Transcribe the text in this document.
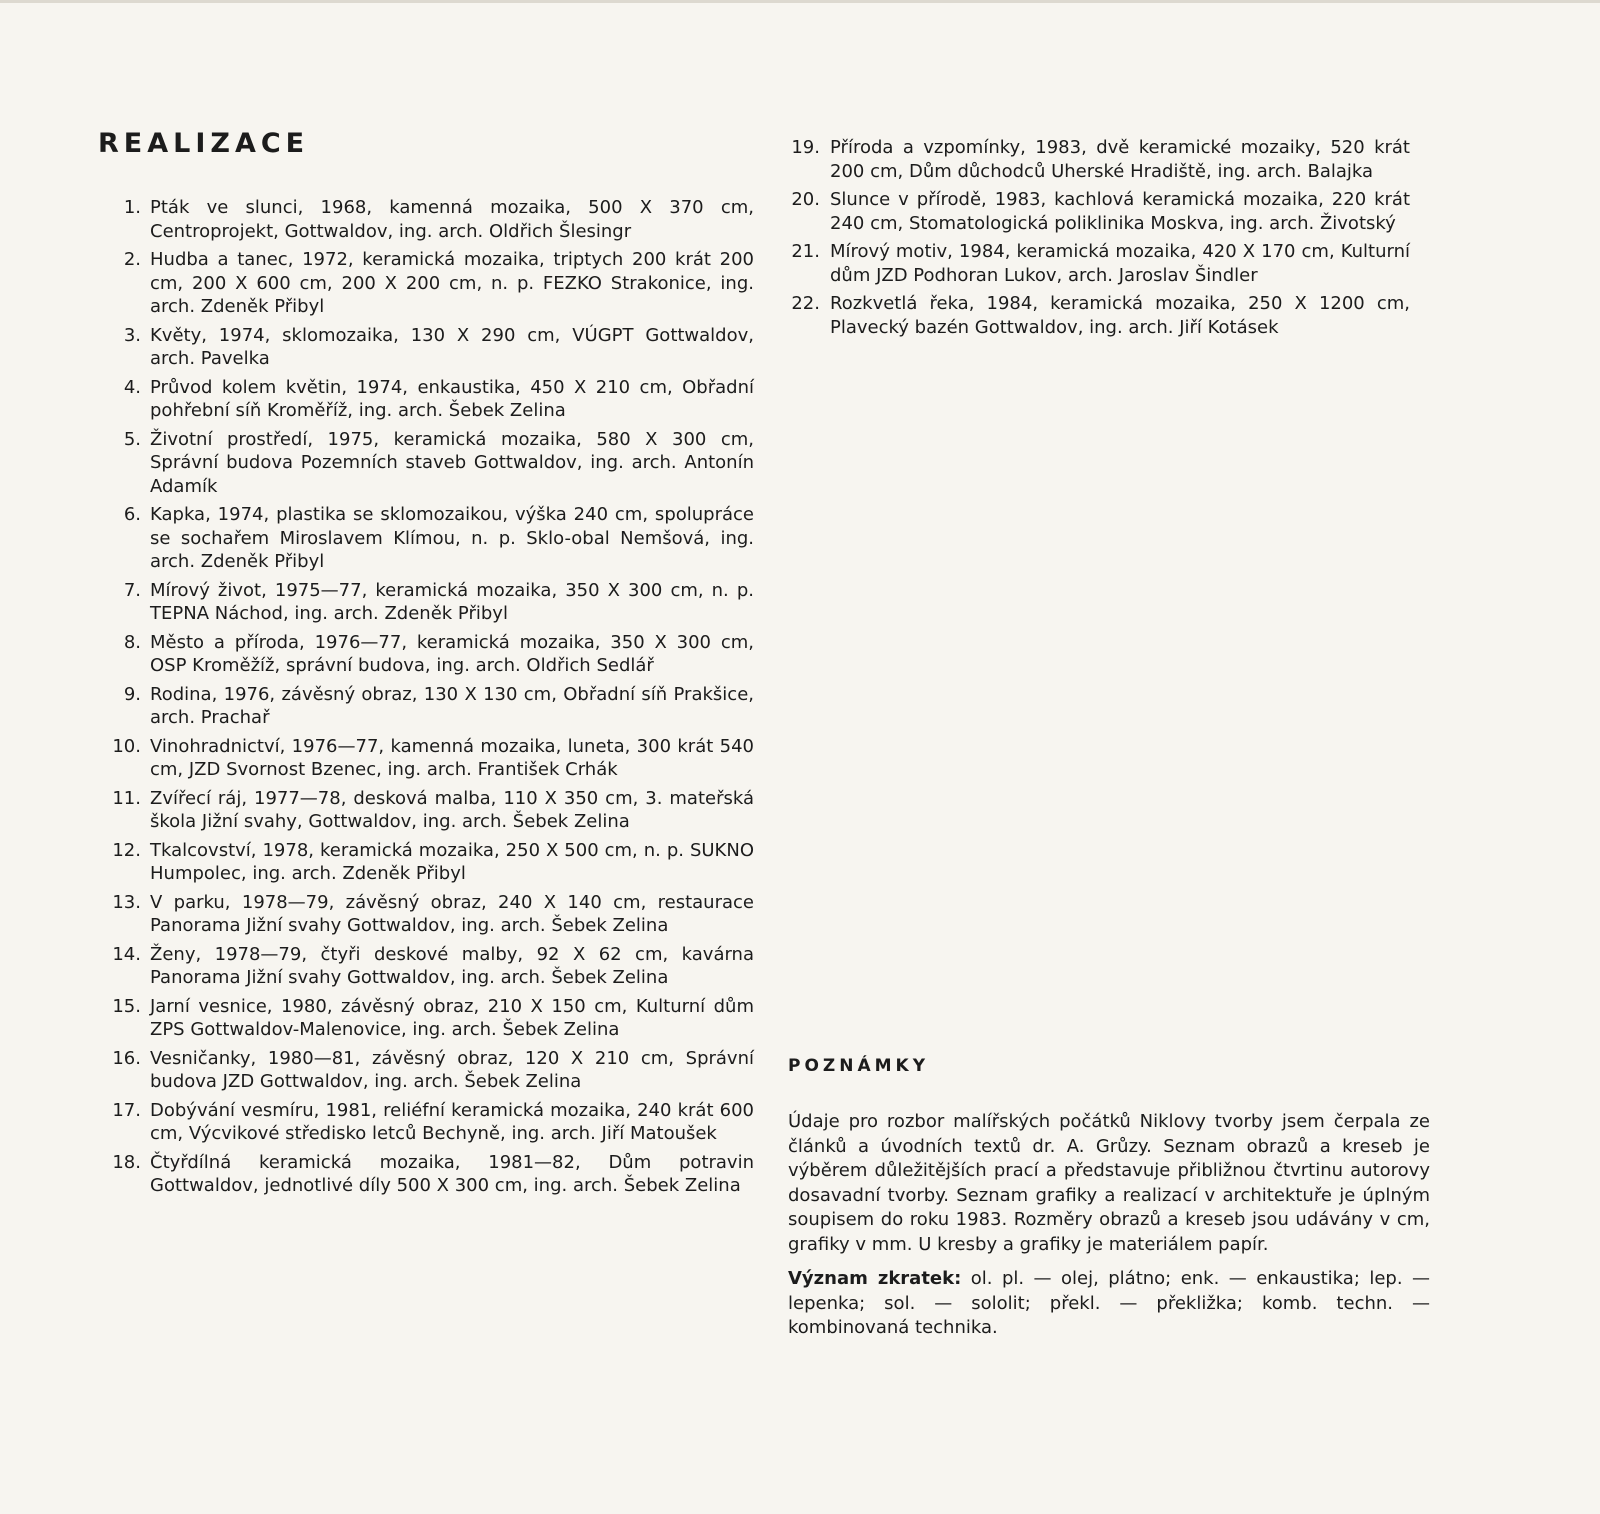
REALIZACE
1. Pták ve slunci, 1968, kamenná mozaika, 500 X 370 cm, Centroprojekt, Gottwaldov, ing. arch. Oldřich Šlesingr
2. Hudba a tanec, 1972, keramická mozaika, triptych 200 krát 200 cm, 200 X 600 cm, 200 X 200 cm, n. p. FEZKO Strakonice, ing. arch. Zdeněk Přibyl
3. Květy, 1974, sklomozaika, 130 X 290 cm, VÚGPT Gottwaldov, arch. Pavelka
4. Průvod kolem květin, 1974, enkaustika, 450 X 210 cm, Obřadní pohřební síň Kroměříž, ing. arch. Šebek Zelina
5. Životní prostředí, 1975, keramická mozaika, 580 X 300 cm, Správní budova Pozemních staveb Gottwaldov, ing. arch. Antonín Adamík
6. Kapka, 1974, plastika se sklomozaikou, výška 240 cm, spolupráce se sochařem Miroslavem Klímou, n. p. Sklo-obal Nemšová, ing. arch. Zdeněk Přibyl
7. Mírový život, 1975—77, keramická mozaika, 350 X 300 cm, n. p. TEPNA Náchod, ing. arch. Zdeněk Přibyl
8. Město a příroda, 1976—77, keramická mozaika, 350 X 300 cm, OSP Kroměžíž, správní budova, ing. arch. Oldřich Sedlář
9. Rodina, 1976, závěsný obraz, 130 X 130 cm, Obřadní síň Prakšice, arch. Prachař
10. Vinohradnictví, 1976—77, kamenná mozaika, luneta, 300 krát 540 cm, JZD Svornost Bzenec, ing. arch. František Crhák
11. Zvířecí ráj, 1977—78, desková malba, 110 X 350 cm, 3. mateřská škola Jižní svahy, Gottwaldov, ing. arch. Šebek Zelina
12. Tkalcovství, 1978, keramická mozaika, 250 X 500 cm, n. p. SUKNO Humpolec, ing. arch. Zdeněk Přibyl
13. V parku, 1978—79, závěsný obraz, 240 X 140 cm, restaurace Panorama Jižní svahy Gottwaldov, ing. arch. Šebek Zelina
14. Ženy, 1978—79, čtyři deskové malby, 92 X 62 cm, kavárna Panorama Jižní svahy Gottwaldov, ing. arch. Šebek Zelina
15. Jarní vesnice, 1980, závěsný obraz, 210 X 150 cm, Kulturní dům ZPS Gottwaldov-Malenovice, ing. arch. Šebek Zelina
16. Vesničanky, 1980—81, závěsný obraz, 120 X 210 cm, Správní budova JZD Gottwaldov, ing. arch. Šebek Zelina
17. Dobývání vesmíru, 1981, reliéfní keramická mozaika, 240 krát 600 cm, Výcvikové středisko letců Bechyně, ing. arch. Jiří Matoušek
18. Čtyřdílná keramická mozaika, 1981—82, Dům potravin Gottwaldov, jednotlivé díly 500 X 300 cm, ing. arch. Šebek Zelina
19. Příroda a vzpomínky, 1983, dvě keramické mozaiky, 520 krát 200 cm, Dům důchodců Uherské Hradiště, ing. arch. Balajka
20. Slunce v přírodě, 1983, kachlová keramická mozaika, 220 krát 240 cm, Stomatologická poliklinika Moskva, ing. arch. Životský
21. Mírový motiv, 1984, keramická mozaika, 420 X 170 cm, Kulturní dům JZD Podhoran Lukov, arch. Jaroslav Šindler
22. Rozkvetlá řeka, 1984, keramická mozaika, 250 X 1200 cm, Plavecký bazén Gottwaldov, ing. arch. Jiří Kotásek
POZNÁMKY

Údaje pro rozbor malířských počátků Niklovy tvorby jsem čerpala ze článků a úvodních textů dr. A. Grůzy. Seznam obrazů a kreseb je výběrem důležitějších prací a představuje přibližnou čtvrtinu autorovy dosavadní tvorby. Seznam grafiky a realizací v architektuře je úplným soupisem do roku 1983. Rozměry obrazů a kreseb jsou udávány v cm, grafiky v mm. U kresby a grafiky je materiálem papír.

Význam zkratek: ol. pl. — olej, plátno; enk. — enkaustika; lep. — lepenka; sol. — sololit; překl. — překližka; komb. techn. — kombinovaná technika.
